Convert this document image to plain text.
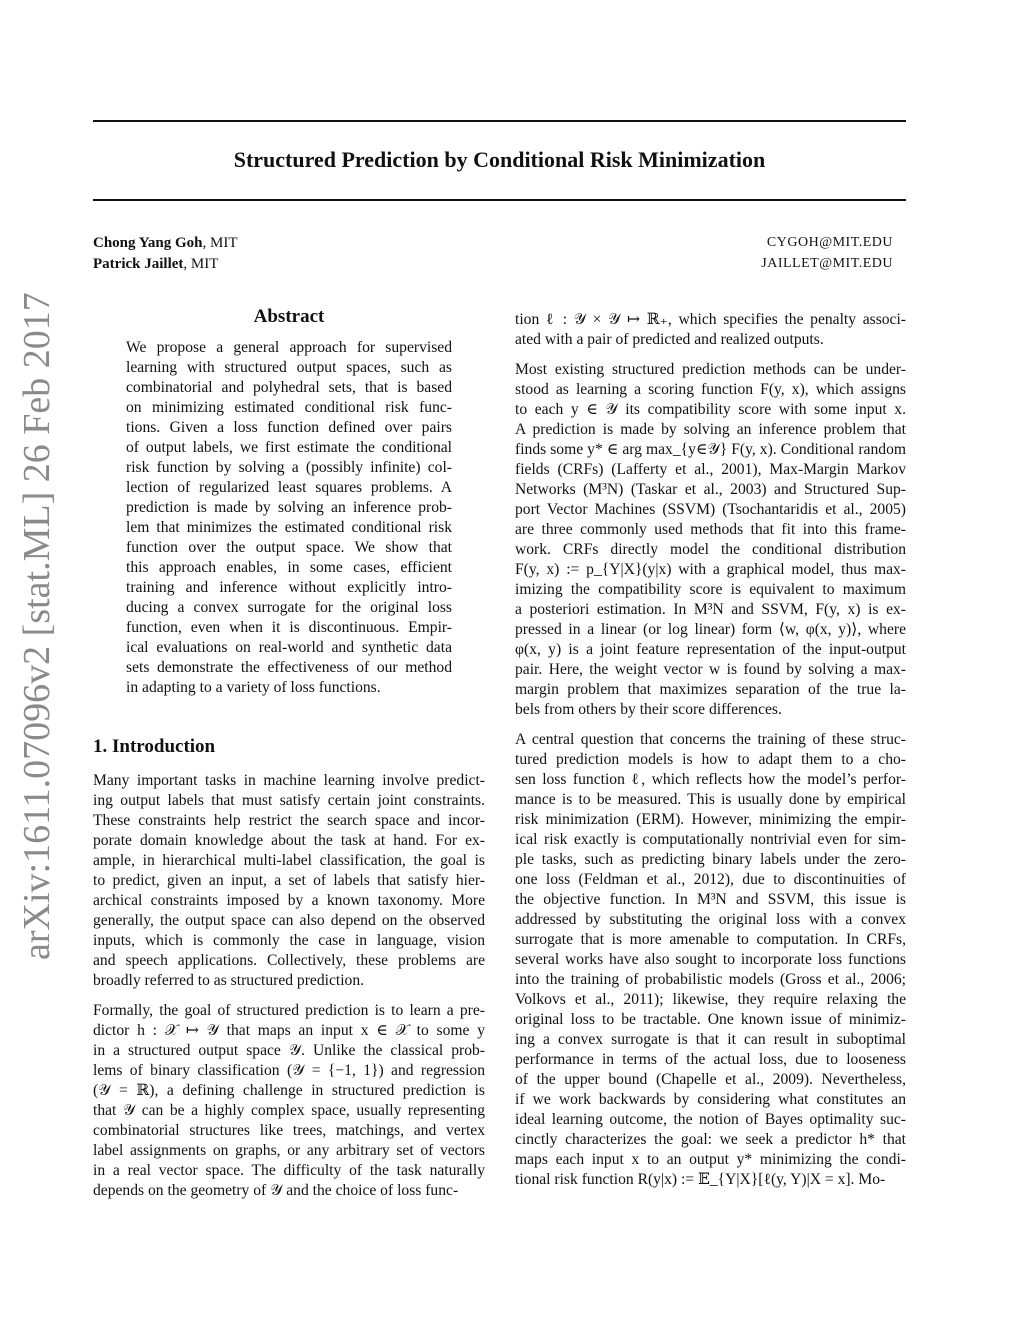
arXiv:1611.07096v2 [stat.ML] 26 Feb 2017
Structured Prediction by Conditional Risk Minimization
Chong Yang Goh, MIT	CYGOH@MIT.EDU
Patrick Jaillet, MIT	JAILLET@MIT.EDU
Abstract
We propose a general approach for supervised
learning with structured output spaces, such as
combinatorial and polyhedral sets, that is based
on minimizing estimated conditional risk func-
tions. Given a loss function defined over pairs
of output labels, we first estimate the conditional
risk function by solving a (possibly infinite) col-
lection of regularized least squares problems. A
prediction is made by solving an inference prob-
lem that minimizes the estimated conditional risk
function over the output space. We show that
this approach enables, in some cases, efficient
training and inference without explicitly intro-
ducing a convex surrogate for the original loss
function, even when it is discontinuous. Empir-
ical evaluations on real-world and synthetic data
sets demonstrate the effectiveness of our method
in adapting to a variety of loss functions.
1. Introduction

Many important tasks in machine learning involve predict-
ing output labels that must satisfy certain joint constraints.
These constraints help restrict the search space and incor-
porate domain knowledge about the task at hand. For ex-
ample, in hierarchical multi-label classification, the goal is
to predict, given an input, a set of labels that satisfy hier-
archical constraints imposed by a known taxonomy. More
generally, the output space can also depend on the observed
inputs, which is commonly the case in language, vision
and speech applications. Collectively, these problems are
broadly referred to as structured prediction.

Formally, the goal of structured prediction is to learn a pre-
dictor h : 𝒳 ↦ 𝒴 that maps an input x ∈ 𝒳 to some y
in a structured output space 𝒴. Unlike the classical prob-
lems of binary classification (𝒴 = {−1, 1}) and regression
(𝒴 = ℝ), a defining challenge in structured prediction is
that 𝒴 can be a highly complex space, usually representing
combinatorial structures like trees, matchings, and vertex
label assignments on graphs, or any arbitrary set of vectors
in a real vector space. The difficulty of the task naturally
depends on the geometry of 𝒴 and the choice of loss func-

tion ℓ : 𝒴 × 𝒴 ↦ ℝ₊, which specifies the penalty associ-
ated with a pair of predicted and realized outputs.

Most existing structured prediction methods can be under-
stood as learning a scoring function F(y, x), which assigns
to each y ∈ 𝒴 its compatibility score with some input x.
A prediction is made by solving an inference problem that
finds some y* ∈ arg max_{y∈𝒴} F(y, x). Conditional random
fields (CRFs) (Lafferty et al., 2001), Max-Margin Markov
Networks (M³N) (Taskar et al., 2003) and Structured Sup-
port Vector Machines (SSVM) (Tsochantaridis et al., 2005)
are three commonly used methods that fit into this frame-
work. CRFs directly model the conditional distribution
F(y, x) := p_{Y|X}(y|x) with a graphical model, thus max-
imizing the compatibility score is equivalent to maximum
a posteriori estimation. In M³N and SSVM, F(y, x) is ex-
pressed in a linear (or log linear) form ⟨w, φ(x, y)⟩, where
φ(x, y) is a joint feature representation of the input-output
pair. Here, the weight vector w is found by solving a max-
margin problem that maximizes separation of the true la-
bels from others by their score differences.

A central question that concerns the training of these struc-
tured prediction models is how to adapt them to a cho-
sen loss function ℓ, which reflects how the model’s perfor-
mance is to be measured. This is usually done by empirical
risk minimization (ERM). However, minimizing the empir-
ical risk exactly is computationally nontrivial even for sim-
ple tasks, such as predicting binary labels under the zero-
one loss (Feldman et al., 2012), due to discontinuities of
the objective function. In M³N and SSVM, this issue is
addressed by substituting the original loss with a convex
surrogate that is more amenable to computation. In CRFs,
several works have also sought to incorporate loss functions
into the training of probabilistic models (Gross et al., 2006;
Volkovs et al., 2011); likewise, they require relaxing the
original loss to be tractable. One known issue of minimiz-
ing a convex surrogate is that it can result in suboptimal
performance in terms of the actual loss, due to looseness
of the upper bound (Chapelle et al., 2009). Nevertheless,
if we work backwards by considering what constitutes an
ideal learning outcome, the notion of Bayes optimality suc-
cinctly characterizes the goal: we seek a predictor h* that
maps each input x to an output y* minimizing the condi-
tional risk function R(y|x) := 𝔼_{Y|X}[ℓ(y, Y)|X = x]. Mo-
